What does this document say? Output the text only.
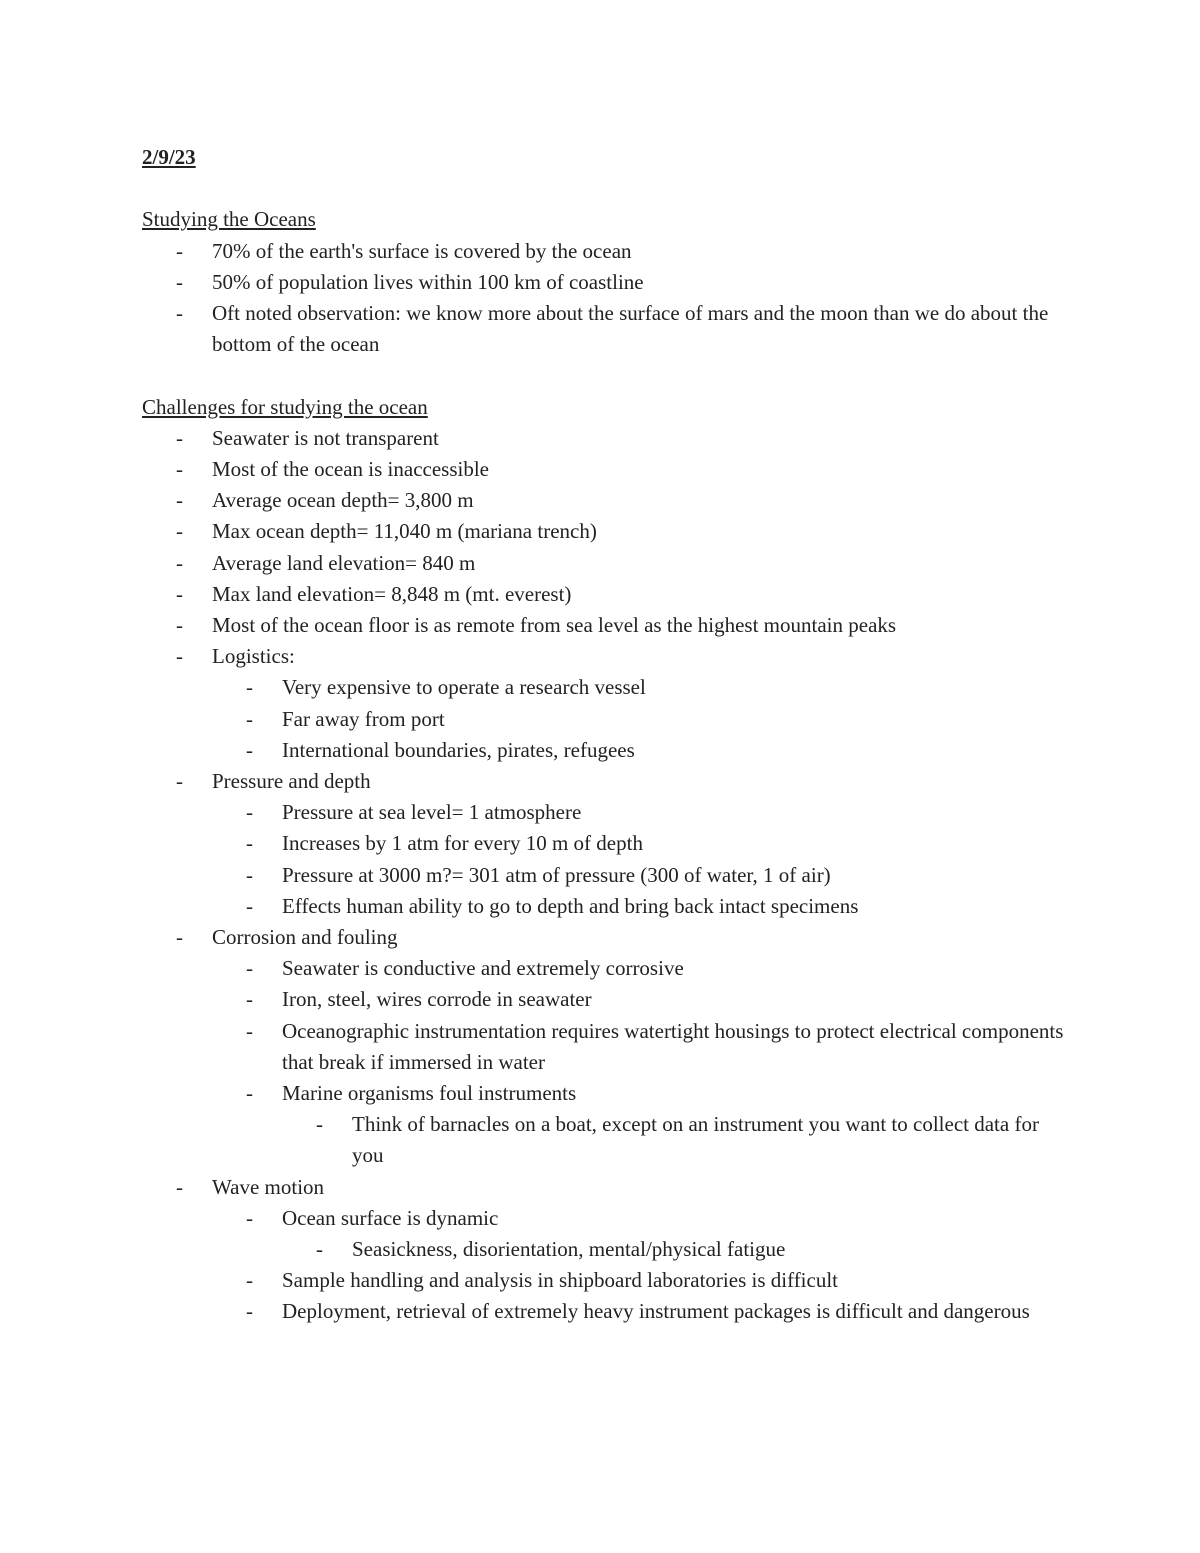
2/9/23
Studying the Oceans
- 70% of the earth's surface is covered by the ocean
- 50% of population lives within 100 km of coastline
- Oft noted observation: we know more about the surface of mars and the moon than we do about the bottom of the ocean
Challenges for studying the ocean
- Seawater is not transparent
- Most of the ocean is inaccessible
- Average ocean depth= 3,800 m
- Max ocean depth= 11,040 m (mariana trench)
- Average land elevation= 840 m
- Max land elevation= 8,848 m (mt. everest)
- Most of the ocean floor is as remote from sea level as the highest mountain peaks
- Logistics:
- Very expensive to operate a research vessel
- Far away from port
- International boundaries, pirates, refugees
- Pressure and depth
- Pressure at sea level= 1 atmosphere
- Increases by 1 atm for every 10 m of depth
- Pressure at 3000 m?= 301 atm of pressure (300 of water, 1 of air)
- Effects human ability to go to depth and bring back intact specimens
- Corrosion and fouling
- Seawater is conductive and extremely corrosive
- Iron, steel, wires corrode in seawater
- Oceanographic instrumentation requires watertight housings to protect electrical components that break if immersed in water
- Marine organisms foul instruments
- Think of barnacles on a boat, except on an instrument you want to collect data for you
- Wave motion
- Ocean surface is dynamic
- Seasickness, disorientation, mental/physical fatigue
- Sample handling and analysis in shipboard laboratories is difficult
- Deployment, retrieval of extremely heavy instrument packages is difficult and dangerous
